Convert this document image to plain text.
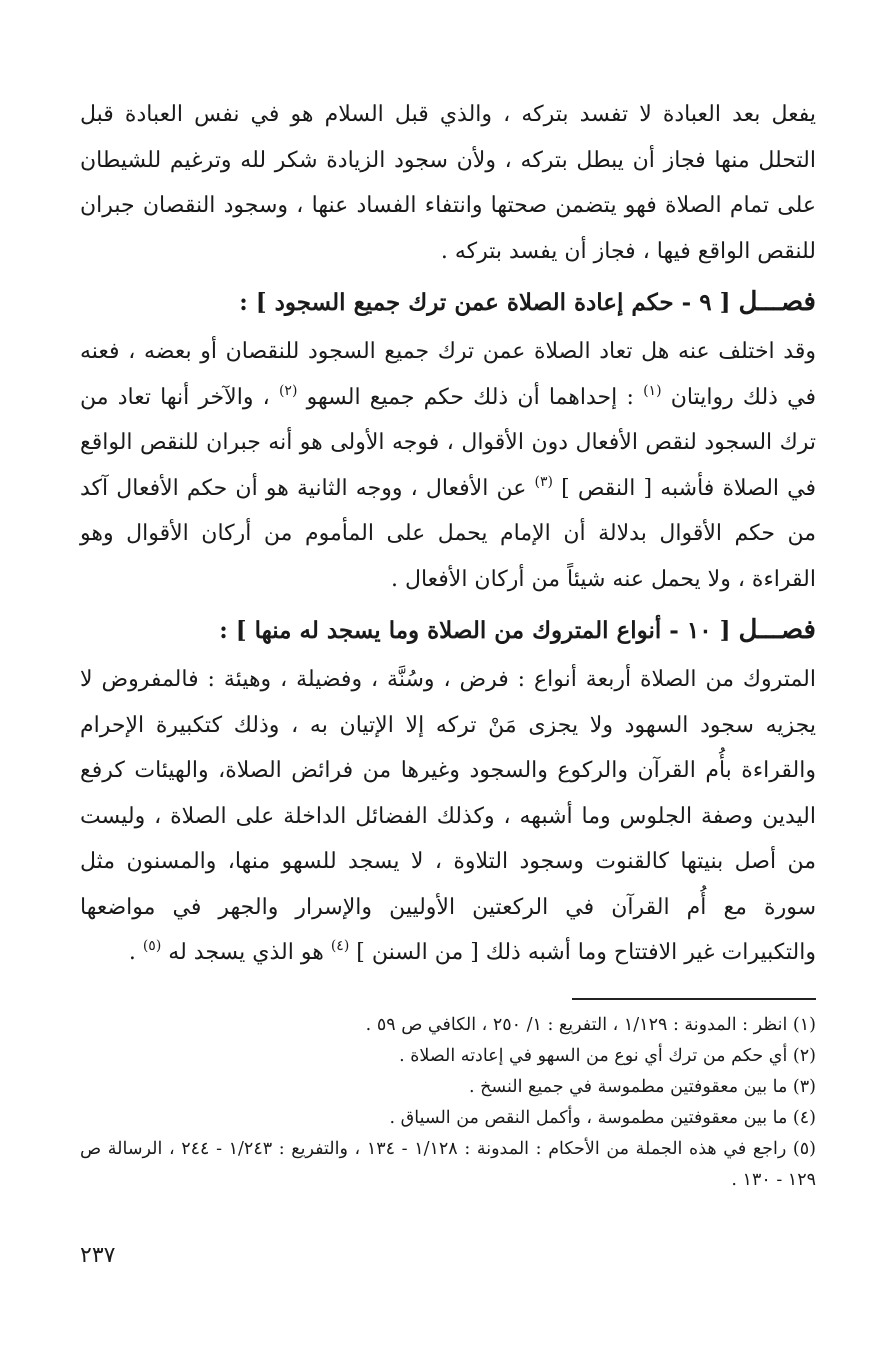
يفعل بعد العبادة لا تفسد بتركه ، والذي قبل السلام هو في نفس العبادة قبل التحلل منها فجاز أن يبطل بتركه ، ولأن سجود الزيادة شكر لله وترغيم للشيطان على تمام الصلاة فهو يتضمن صحتها وانتفاء الفساد عنها ، وسجود النقصان جبران للنقص الواقع فيها ، فجاز أن يفسد بتركه .

فصـــل [ ٩ - حكم إعادة الصلاة عمن ترك جميع السجود ] :

وقد اختلف عنه هل تعاد الصلاة عمن ترك جميع السجود للنقصان أو بعضه ، فعنه في ذلك روايتان $^{(١)}$ : إحداهما أن ذلك حكم جميع السهو $^{(٢)}$ ، والآخر أنها تعاد من ترك السجود لنقص الأفعال دون الأقوال ، فوجه الأولى هو أنه جبران للنقص الواقع في الصلاة فأشبه [ النقص ] $^{(٣)}$ عن الأفعال ، ووجه الثانية هو أن حكم الأفعال آكد من حكم الأقوال بدلالة أن الإمام يحمل على المأموم من أركان الأقوال وهو القراءة ، ولا يحمل عنه شيئاً من أركان الأفعال .

فصـــل [ ١٠ - أنواع المتروك من الصلاة وما يسجد له منها ] :

المتروك من الصلاة أربعة أنواع : فرض ، وسُنَّة ، وفضيلة ، وهيئة : فالمفروض لا يجزيه سجود السهود ولا يجزى مَنْ تركه إلا الإتيان به ، وذلك كتكبيرة الإحرام والقراءة بأُم القرآن والركوع والسجود وغيرها من فرائض الصلاة، والهيئات كرفع اليدين وصفة الجلوس وما أشبهه ، وكذلك الفضائل الداخلة على الصلاة ، وليست من أصل بنيتها كالقنوت وسجود التلاوة ، لا يسجد للسهو منها، والمسنون مثل سورة مع أُم القرآن في الركعتين الأوليين والإسرار والجهر في مواضعها والتكبيرات غير الافتتاح وما أشبه ذلك [ من السنن ] $^{(٤)}$ هو الذي يسجد له $^{(٥)}$ .

(١) انظر : المدونة : ١/١٢٩ ، التفريع : ١/ ٢٥٠ ، الكافي ص ٥٩ .

(٢) أي حكم من ترك أي نوع من السهو في إعادته الصلاة .

(٣) ما بين معقوفتين مطموسة في جميع النسخ .

(٤) ما بين معقوفتين مطموسة ، وأكمل النقص من السياق .

(٥) راجع في هذه الجملة من الأحكام : المدونة : ١/١٢٨ - ١٣٤ ، والتفريع : ١/٢٤٣ - ٢٤٤ ، الرسالة ص ١٢٩ - ١٣٠ .

٢٣٧
